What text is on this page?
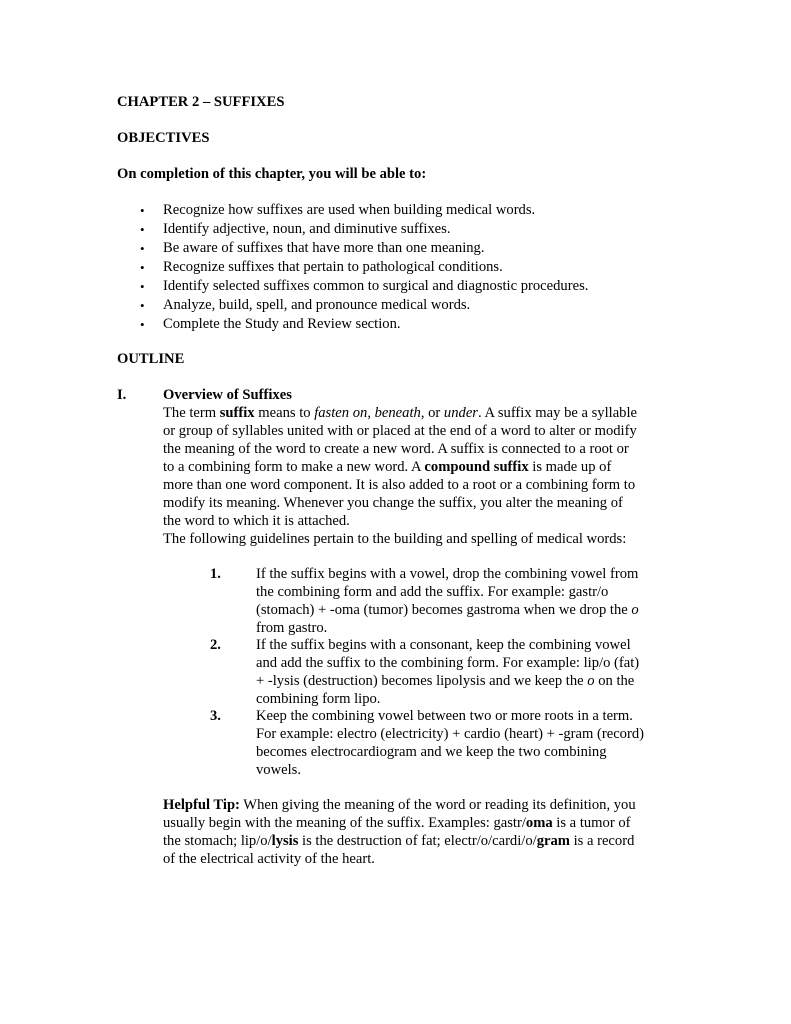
CHAPTER 2 – SUFFIXES
OBJECTIVES
On completion of this chapter, you will be able to:
• Recognize how suffixes are used when building medical words.
• Identify adjective, noun, and diminutive suffixes.
• Be aware of suffixes that have more than one meaning.
• Recognize suffixes that pertain to pathological conditions.
• Identify selected suffixes common to surgical and diagnostic procedures.
• Analyze, build, spell, and pronounce medical words.
• Complete the Study and Review section.
OUTLINE
I.	Overview of Suffixes
The term suffix means to fasten on, beneath, or under. A suffix may be a syllable
or group of syllables united with or placed at the end of a word to alter or modify
the meaning of the word to create a new word. A suffix is connected to a root or
to a combining form to make a new word. A compound suffix is made up of
more than one word component. It is also added to a root or a combining form to
modify its meaning. Whenever you change the suffix, you alter the meaning of
the word to which it is attached.
The following guidelines pertain to the building and spelling of medical words:
1. If the suffix begins with a vowel, drop the combining vowel from
the combining form and add the suffix. For example: gastr/o
(stomach) + -oma (tumor) becomes gastroma when we drop the o
from gastro.
2. If the suffix begins with a consonant, keep the combining vowel
and add the suffix to the combining form. For example: lip/o (fat)
+ -lysis (destruction) becomes lipolysis and we keep the o on the
combining form lipo.
3. Keep the combining vowel between two or more roots in a term.
For example: electro (electricity) + cardio (heart) + -gram (record)
becomes electrocardiogram and we keep the two combining
vowels.
Helpful Tip: When giving the meaning of the word or reading its definition, you
usually begin with the meaning of the suffix. Examples: gastr/oma is a tumor of
the stomach; lip/o/lysis is the destruction of fat; electr/o/cardi/o/gram is a record
of the electrical activity of the heart.
